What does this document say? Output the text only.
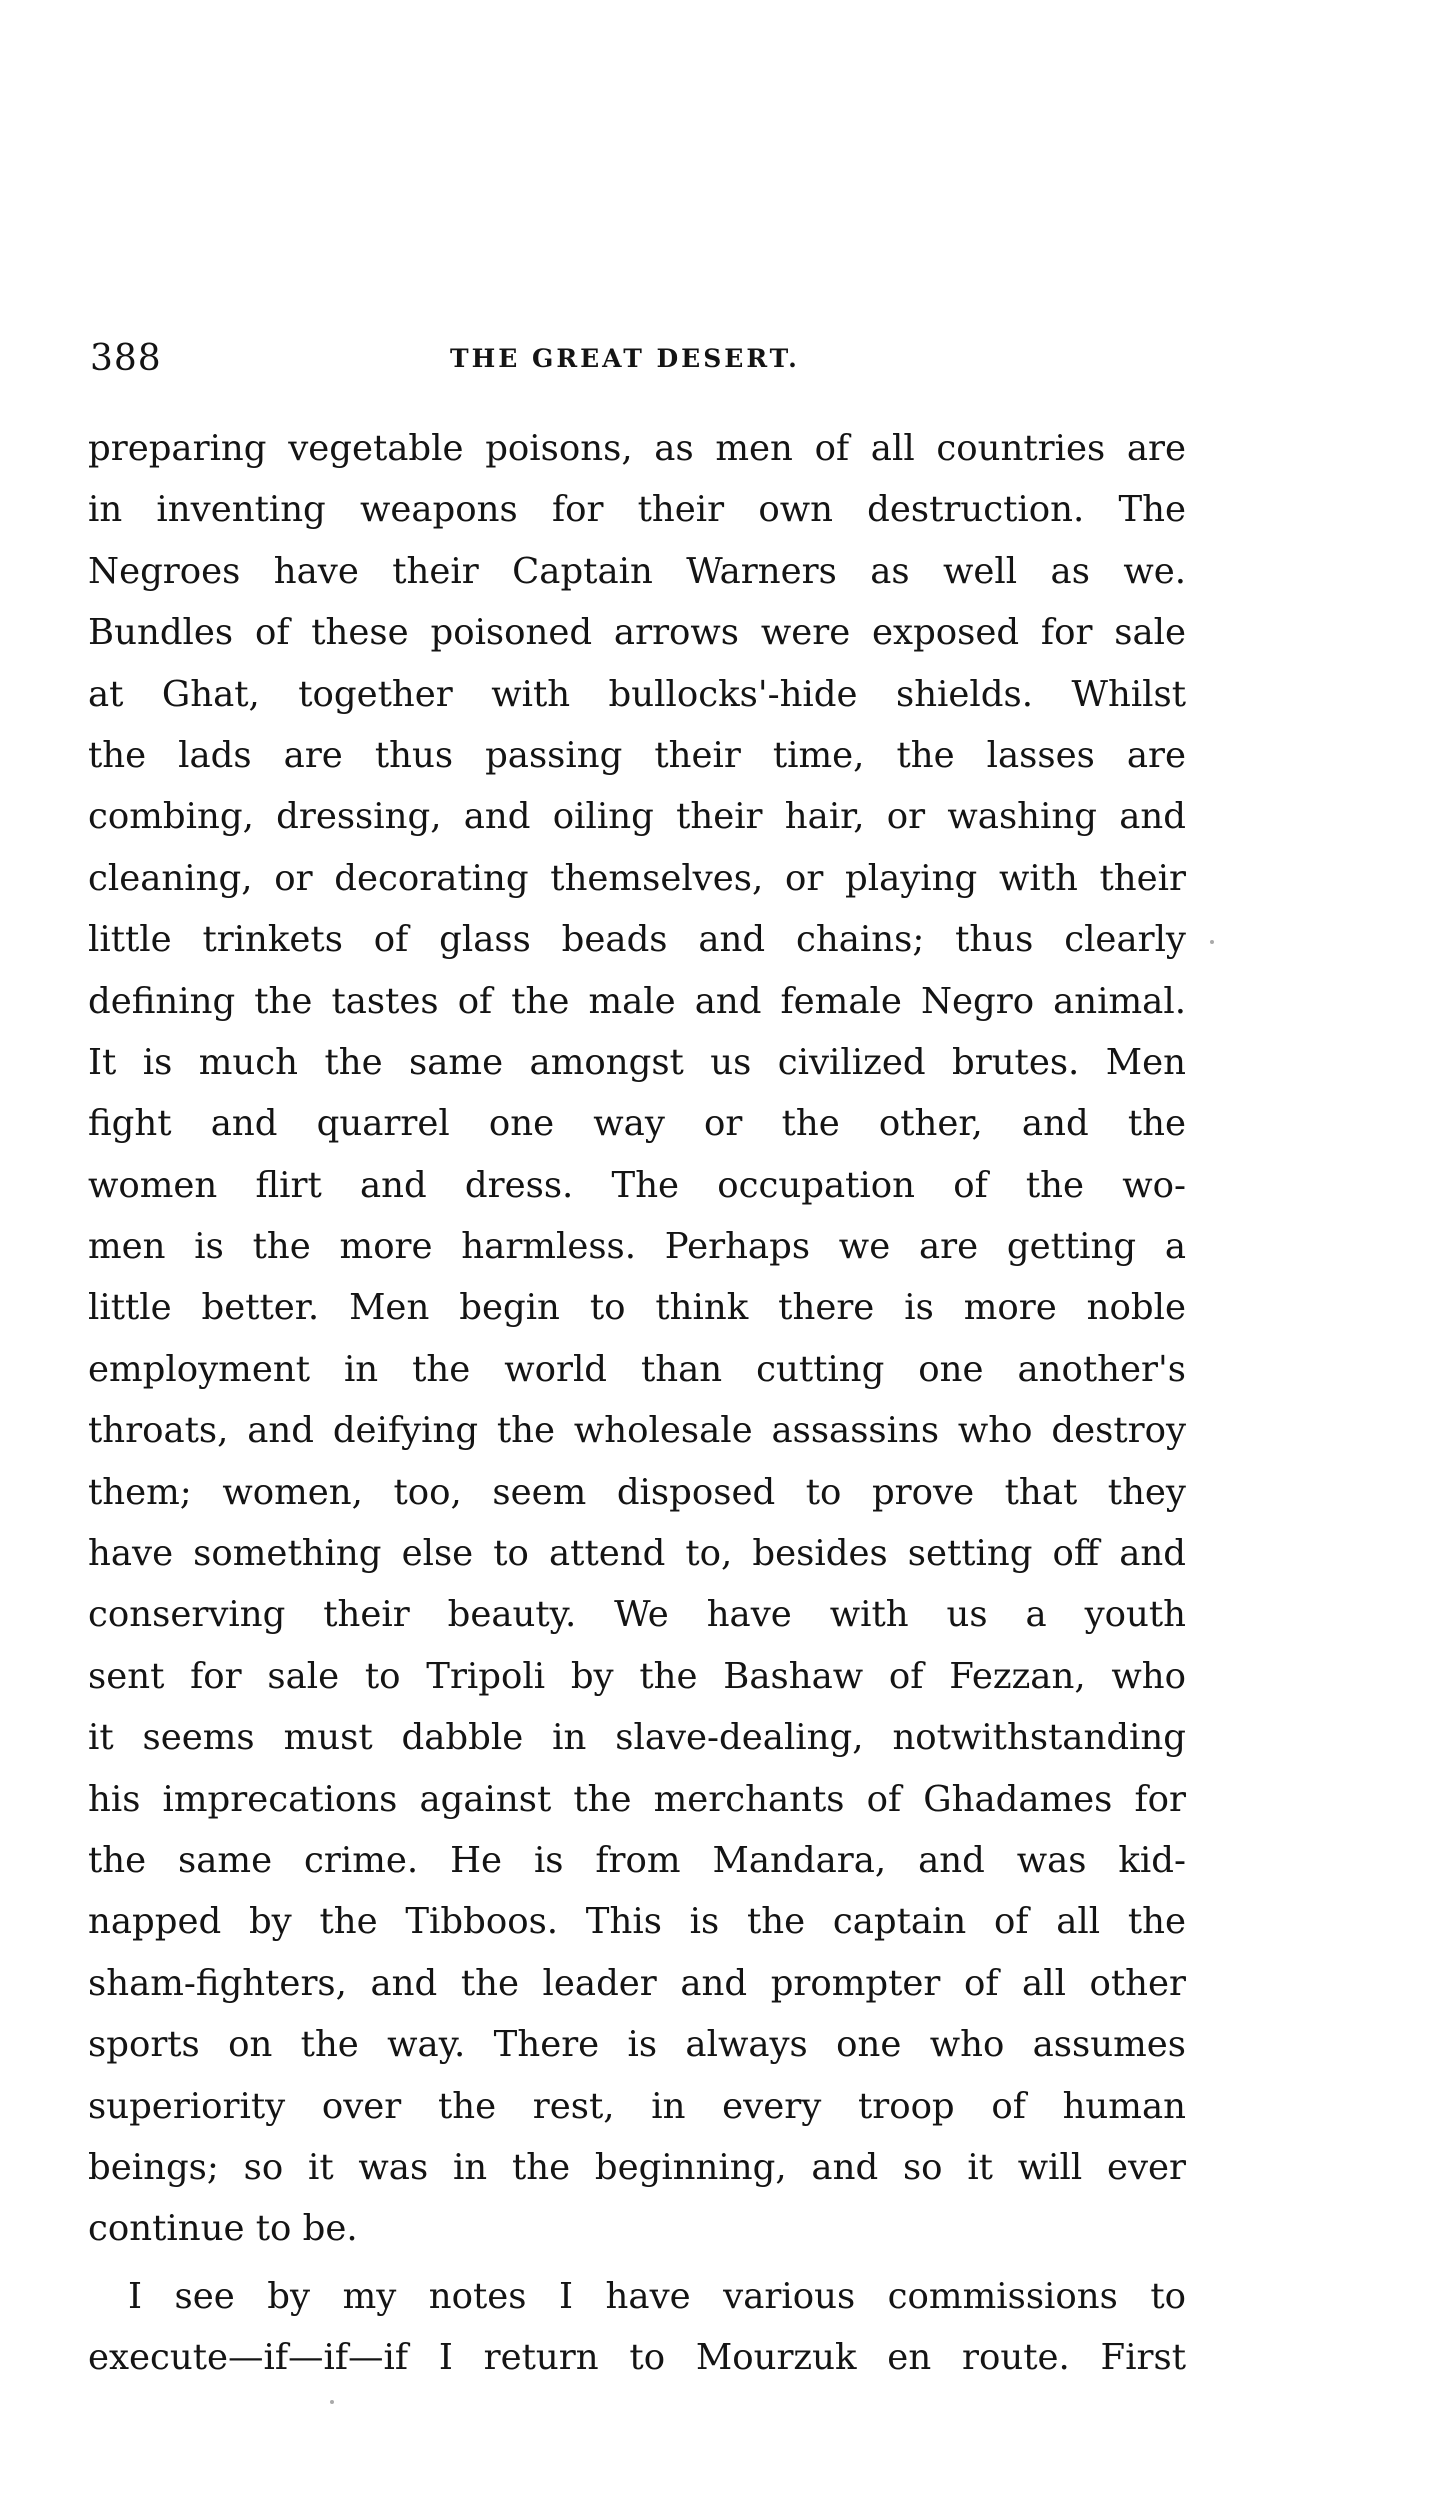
388	THE GREAT DESERT.
preparing vegetable poisons, as men of all countries are
in inventing weapons for their own destruction. The
Negroes have their Captain Warners as well as we.
Bundles of these poisoned arrows were exposed for sale
at Ghat, together with bullocks'-hide shields. Whilst
the lads are thus passing their time, the lasses are
combing, dressing, and oiling their hair, or washing and
cleaning, or decorating themselves, or playing with their
little trinkets of glass beads and chains; thus clearly
defining the tastes of the male and female Negro animal.
It is much the same amongst us civilized brutes. Men
fight and quarrel one way or the other, and the
women flirt and dress. The occupation of the wo-
men is the more harmless. Perhaps we are getting a
little better. Men begin to think there is more noble
employment in the world than cutting one another's
throats, and deifying the wholesale assassins who destroy
them; women, too, seem disposed to prove that they
have something else to attend to, besides setting off and
conserving their beauty. We have with us a youth
sent for sale to Tripoli by the Bashaw of Fezzan, who
it seems must dabble in slave-dealing, notwithstanding
his imprecations against the merchants of Ghadames for
the same crime. He is from Mandara, and was kid-
napped by the Tibboos. This is the captain of all the
sham-fighters, and the leader and prompter of all other
sports on the way. There is always one who assumes
superiority over the rest, in every troop of human
beings; so it was in the beginning, and so it will ever
continue to be.
I see by my notes I have various commissions to
execute—if—if—if I return to Mourzuk en route. First
